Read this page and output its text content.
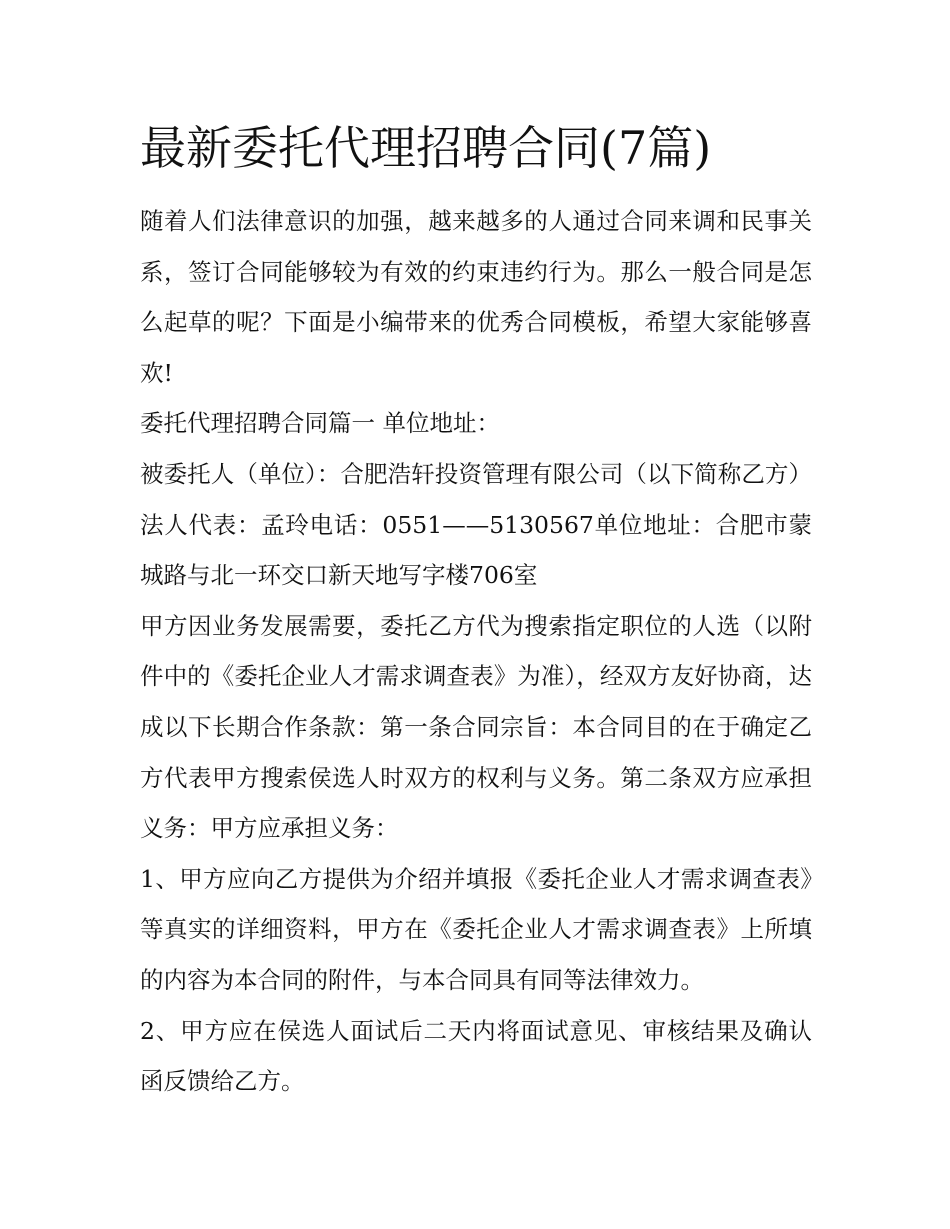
最新委托代理招聘合同(7篇)

随着人们法律意识的加强，越来越多的人通过合同来调和民事关系，签订合同能够较为有效的约束违约行为。那么一般合同是怎么起草的呢？下面是小编带来的优秀合同模板，希望大家能够喜欢!

委托代理招聘合同篇一 单位地址：

被委托人（单位）：合肥浩轩投资管理有限公司（以下简称乙方）法人代表：孟玲电话：0551——5130567单位地址：合肥市蒙城路与北一环交口新天地写字楼706室

甲方因业务发展需要，委托乙方代为搜索指定职位的人选（以附件中的《委托企业人才需求调查表》为准），经双方友好协商，达成以下长期合作条款：第一条合同宗旨：本合同目的在于确定乙方代表甲方搜索侯选人时双方的权利与义务。第二条双方应承担义务：甲方应承担义务：

1、甲方应向乙方提供为介绍并填报《委托企业人才需求调查表》等真实的详细资料，甲方在《委托企业人才需求调查表》上所填的内容为本合同的附件，与本合同具有同等法律效力。

2、甲方应在侯选人面试后二天内将面试意见、审核结果及确认函反馈给乙方。
